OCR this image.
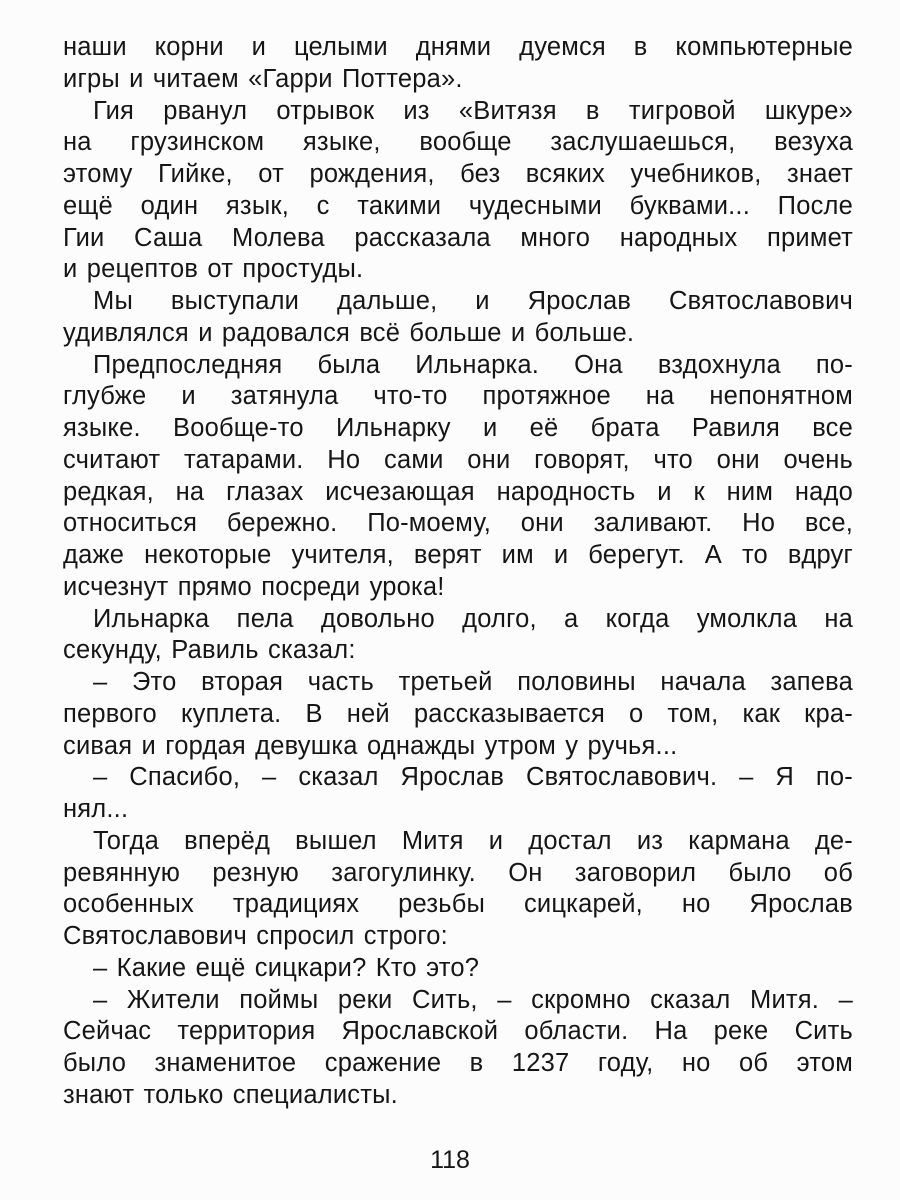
наши корни и целыми днями дуемся в компьютерные
игры и читаем «Гарри Поттера».
Гия рванул отрывок из «Витязя в тигровой шкуре»
на грузинском языке, вообще заслушаешься, везуха
этому Гийке, от рождения, без всяких учебников, знает
ещё один язык, с такими чудесными буквами... После
Гии Саша Молева рассказала много народных примет
и рецептов от простуды.
Мы выступали дальше, и Ярослав Святославович
удивлялся и радовался всё больше и больше.
Предпоследняя была Ильнарка. Она вздохнула по-
глубже и затянула что-то протяжное на непонятном
языке. Вообще-то Ильнарку и её брата Равиля все
считают татарами. Но сами они говорят, что они очень
редкая, на глазах исчезающая народность и к ним надо
относиться бережно. По-моему, они заливают. Но все,
даже некоторые учителя, верят им и берегут. А то вдруг
исчезнут прямо посреди урока!
Ильнарка пела довольно долго, а когда умолкла на
секунду, Равиль сказал:
– Это вторая часть третьей половины начала запева
первого куплета. В ней рассказывается о том, как кра-
сивая и гордая девушка однажды утром у ручья...
– Спасибо, – сказал Ярослав Святославович. – Я по-
нял...
Тогда вперёд вышел Митя и достал из кармана де-
ревянную резную загогулинку. Он заговорил было об
особенных традициях резьбы сицкарей, но Ярослав
Святославович спросил строго:
– Какие ещё сицкари? Кто это?
– Жители поймы реки Сить, – скромно сказал Митя. –
Сейчас территория Ярославской области. На реке Сить
было знаменитое сражение в 1237 году, но об этом
знают только специалисты.
118
